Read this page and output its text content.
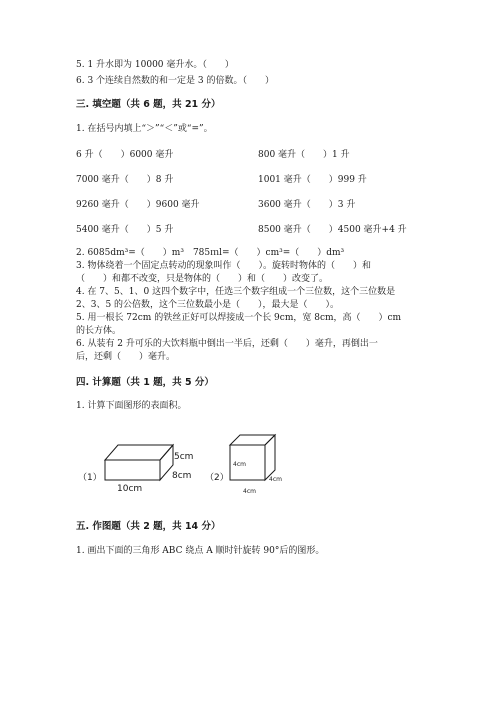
5. 1 升水即为 10000 毫升水。（　　）
6. 3 个连续自然数的和一定是 3 的倍数。（　　）
三. 填空题（共 6 题，共 21 分）
1. 在括号内填上“＞”“＜”或“=”。
6 升（　　）6000 毫升	800 毫升（　　）1 升
7000 毫升（　　）8 升	1001 毫升（　　）999 升
9260 毫升（　　）9600 毫升	3600 毫升（　　）3 升
5400 毫升（　　）5 升	8500 毫升（　　）4500 毫升+4 升
2. 6085dm³=（　　）m³　785ｍl=（　　）cm³=（　　）dm³
3. 物体绕着一个固定点转动的现象叫作（　　）。旋转时物体的（　　）和
（　　）和都不改变，只是物体的（　　）和（　　）改变了。
4. 在 7、5、1、0 这四个数字中，任选三个数字组成一个三位数，这个三位数是
2、3、5 的公倍数，这个三位数最小是（　　），最大是（　　）。
5. 用一根长 72cm 的铁丝正好可以焊接成一个长 9cm，宽 8cm，高（　　）cm
的长方体。
6. 从装有 2 升可乐的大饮料瓶中倒出一半后，还剩（　　）毫升，再倒出一
后，还剩（　　）毫升。
四. 计算题（共 1 题，共 5 分）
1. 计算下面图形的表面积。
（1）
10cm
8cm
5cm
（2）
4cm
4cm
4cm
五. 作图题（共 2 题，共 14 分）
1. 画出下面的三角形 ABC 绕点 A 顺时针旋转 90°后的图形。
